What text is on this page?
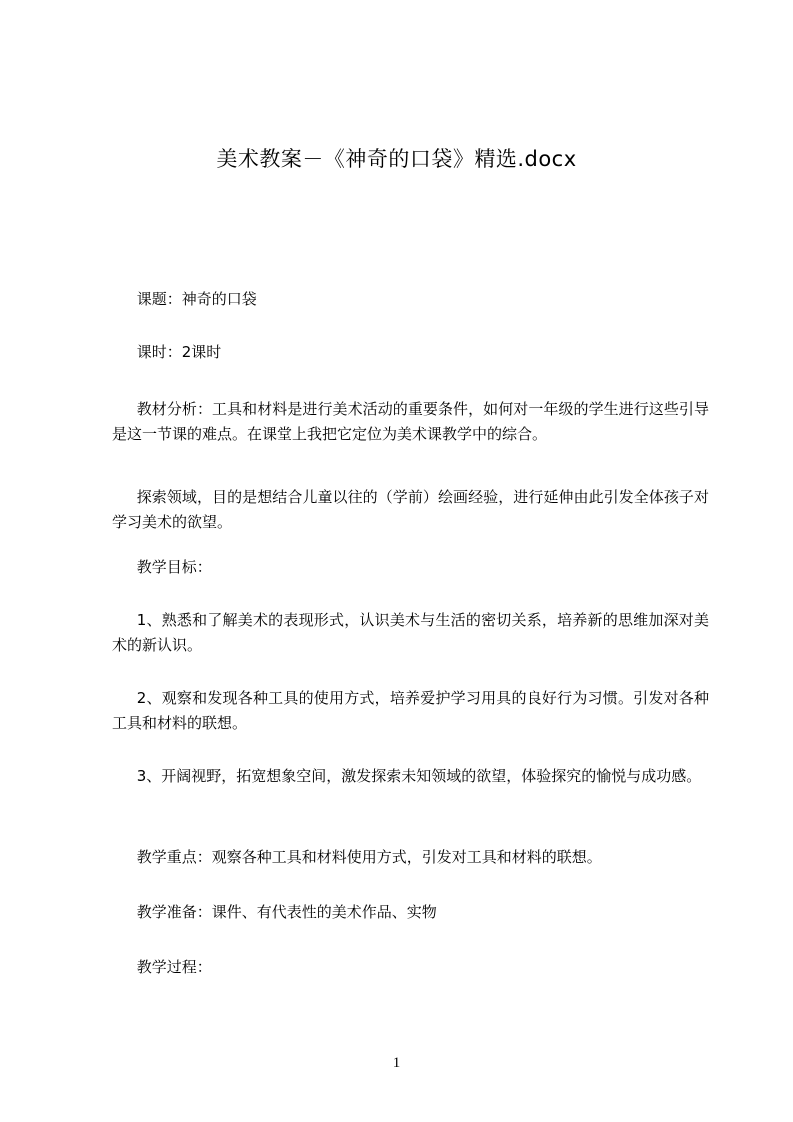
美术教案－《神奇的口袋》精选.docx

课题：神奇的口袋

课时：2课时

教材分析：工具和材料是进行美术活动的重要条件，如何对一年级的学生进行这些引导是这一节课的难点。在课堂上我把它定位为美术课教学中的综合。

探索领域，目的是想结合儿童以往的（学前）绘画经验，进行延伸由此引发全体孩子对学习美术的欲望。

教学目标：

1、熟悉和了解美术的表现形式，认识美术与生活的密切关系，培养新的思维加深对美术的新认识。

2、观察和发现各种工具的使用方式，培养爱护学习用具的良好行为习惯。引发对各种工具和材料的联想。

3、开阔视野，拓宽想象空间，激发探索未知领域的欲望，体验探究的愉悦与成功感。

教学重点：观察各种工具和材料使用方式，引发对工具和材料的联想。

教学准备：课件、有代表性的美术作品、实物

教学过程：

1
